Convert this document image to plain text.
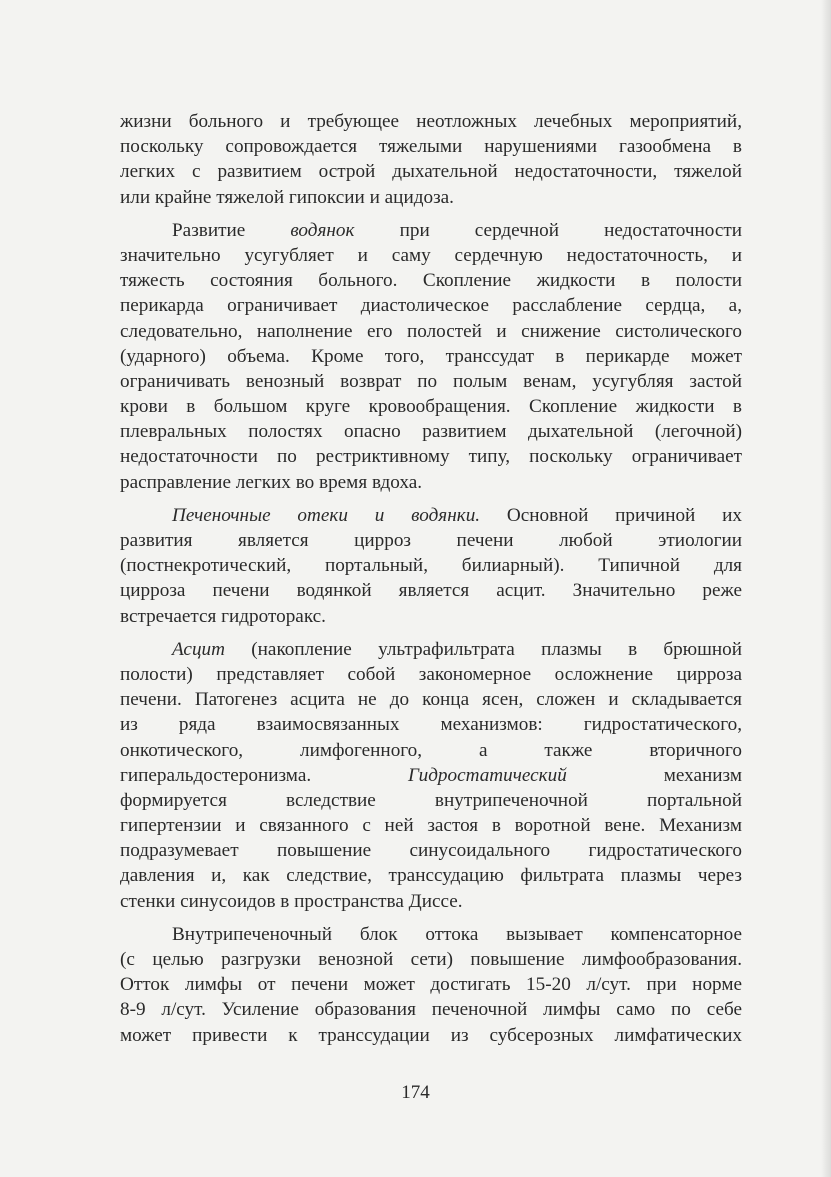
жизни больного и требующее неотложных лечебных мероприятий,
поскольку сопровождается тяжелыми нарушениями газообмена в
легких с развитием острой дыхательной недостаточности, тяжелой
или крайне тяжелой гипоксии и ацидоза.
Развитие водянок при сердечной недостаточности
значительно усугубляет и саму сердечную недостаточность, и
тяжесть состояния больного. Скопление жидкости в полости
перикарда ограничивает диастолическое расслабление сердца, а,
следовательно, наполнение его полостей и снижение систолического
(ударного) объема. Кроме того, транссудат в перикарде может
ограничивать венозный возврат по полым венам, усугубляя застой
крови в большом круге кровообращения. Скопление жидкости в
плевральных полостях опасно развитием дыхательной (легочной)
недостаточности по рестриктивному типу, поскольку ограничивает
расправление легких во время вдоха.
Печеночные отеки и водянки. Основной причиной их
развития является цирроз печени любой этиологии
(постнекротический, портальный, билиарный). Типичной для
цирроза печени водянкой является асцит. Значительно реже
встречается гидроторакс.
Асцит (накопление ультрафильтрата плазмы в брюшной
полости) представляет собой закономерное осложнение цирроза
печени. Патогенез асцита не до конца ясен, сложен и складывается
из ряда взаимосвязанных механизмов: гидростатического,
онкотического, лимфогенного, а также вторичного
гиперальдостеронизма. Гидростатический механизм
формируется вследствие внутрипеченочной портальной
гипертензии и связанного с ней застоя в воротной вене. Механизм
подразумевает повышение синусоидального гидростатического
давления и, как следствие, транссудацию фильтрата плазмы через
стенки синусоидов в пространства Диссе.
Внутрипеченочный блок оттока вызывает компенсаторное
(с целью разгрузки венозной сети) повышение лимфообразования.
Отток лимфы от печени может достигать 15-20 л/сут. при норме
8-9 л/сут. Усиление образования печеночной лимфы само по себе
может привести к транссудации из субсерозных лимфатических
174
